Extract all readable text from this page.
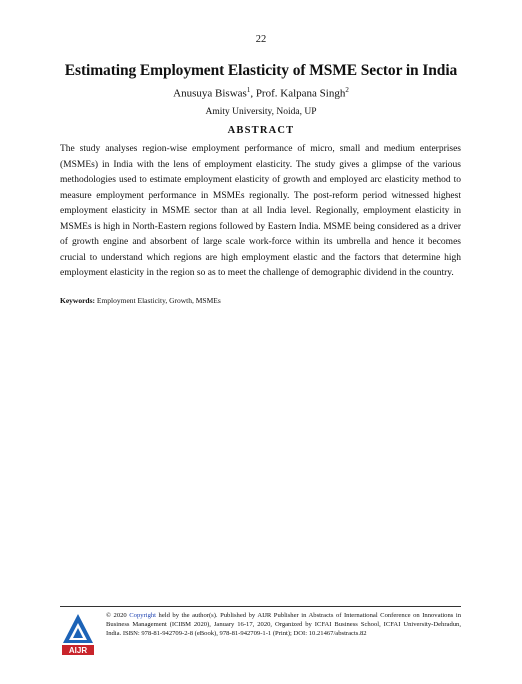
22
Estimating Employment Elasticity of MSME Sector in India
Anusuya Biswas$^1$, Prof. Kalpana Singh$^2$
Amity University, Noida, UP
ABSTRACT
The study analyses region-wise employment performance of micro, small and medium enterprises (MSMEs) in India with the lens of employment elasticity. The study gives a glimpse of the various methodologies used to estimate employment elasticity of growth and employed arc elasticity method to measure employment performance in MSMEs regionally. The post-reform period witnessed highest employment elasticity in MSME sector than at all India level. Regionally, employment elasticity in MSMEs is high in North-Eastern regions followed by Eastern India. MSME being considered as a driver of growth engine and absorbent of large scale work-force within its umbrella and hence it becomes crucial to understand which regions are high employment elastic and the factors that determine high employment elasticity in the region so as to meet the challenge of demographic dividend in the country.
Keywords: Employment Elasticity, Growth, MSMEs
AIJR
© 2020 Copyright held by the author(s). Published by AIJR Publisher in Abstracts of International Conference on Innovations in Business Management (ICIBM 2020), January 16-17, 2020, Organized by ICFAI Business School, ICFAI University-Dehradun, India. ISBN: 978-81-942709-2-8 (eBook), 978-81-942709-1-1 (Print); DOI: 10.21467/abstracts.82
